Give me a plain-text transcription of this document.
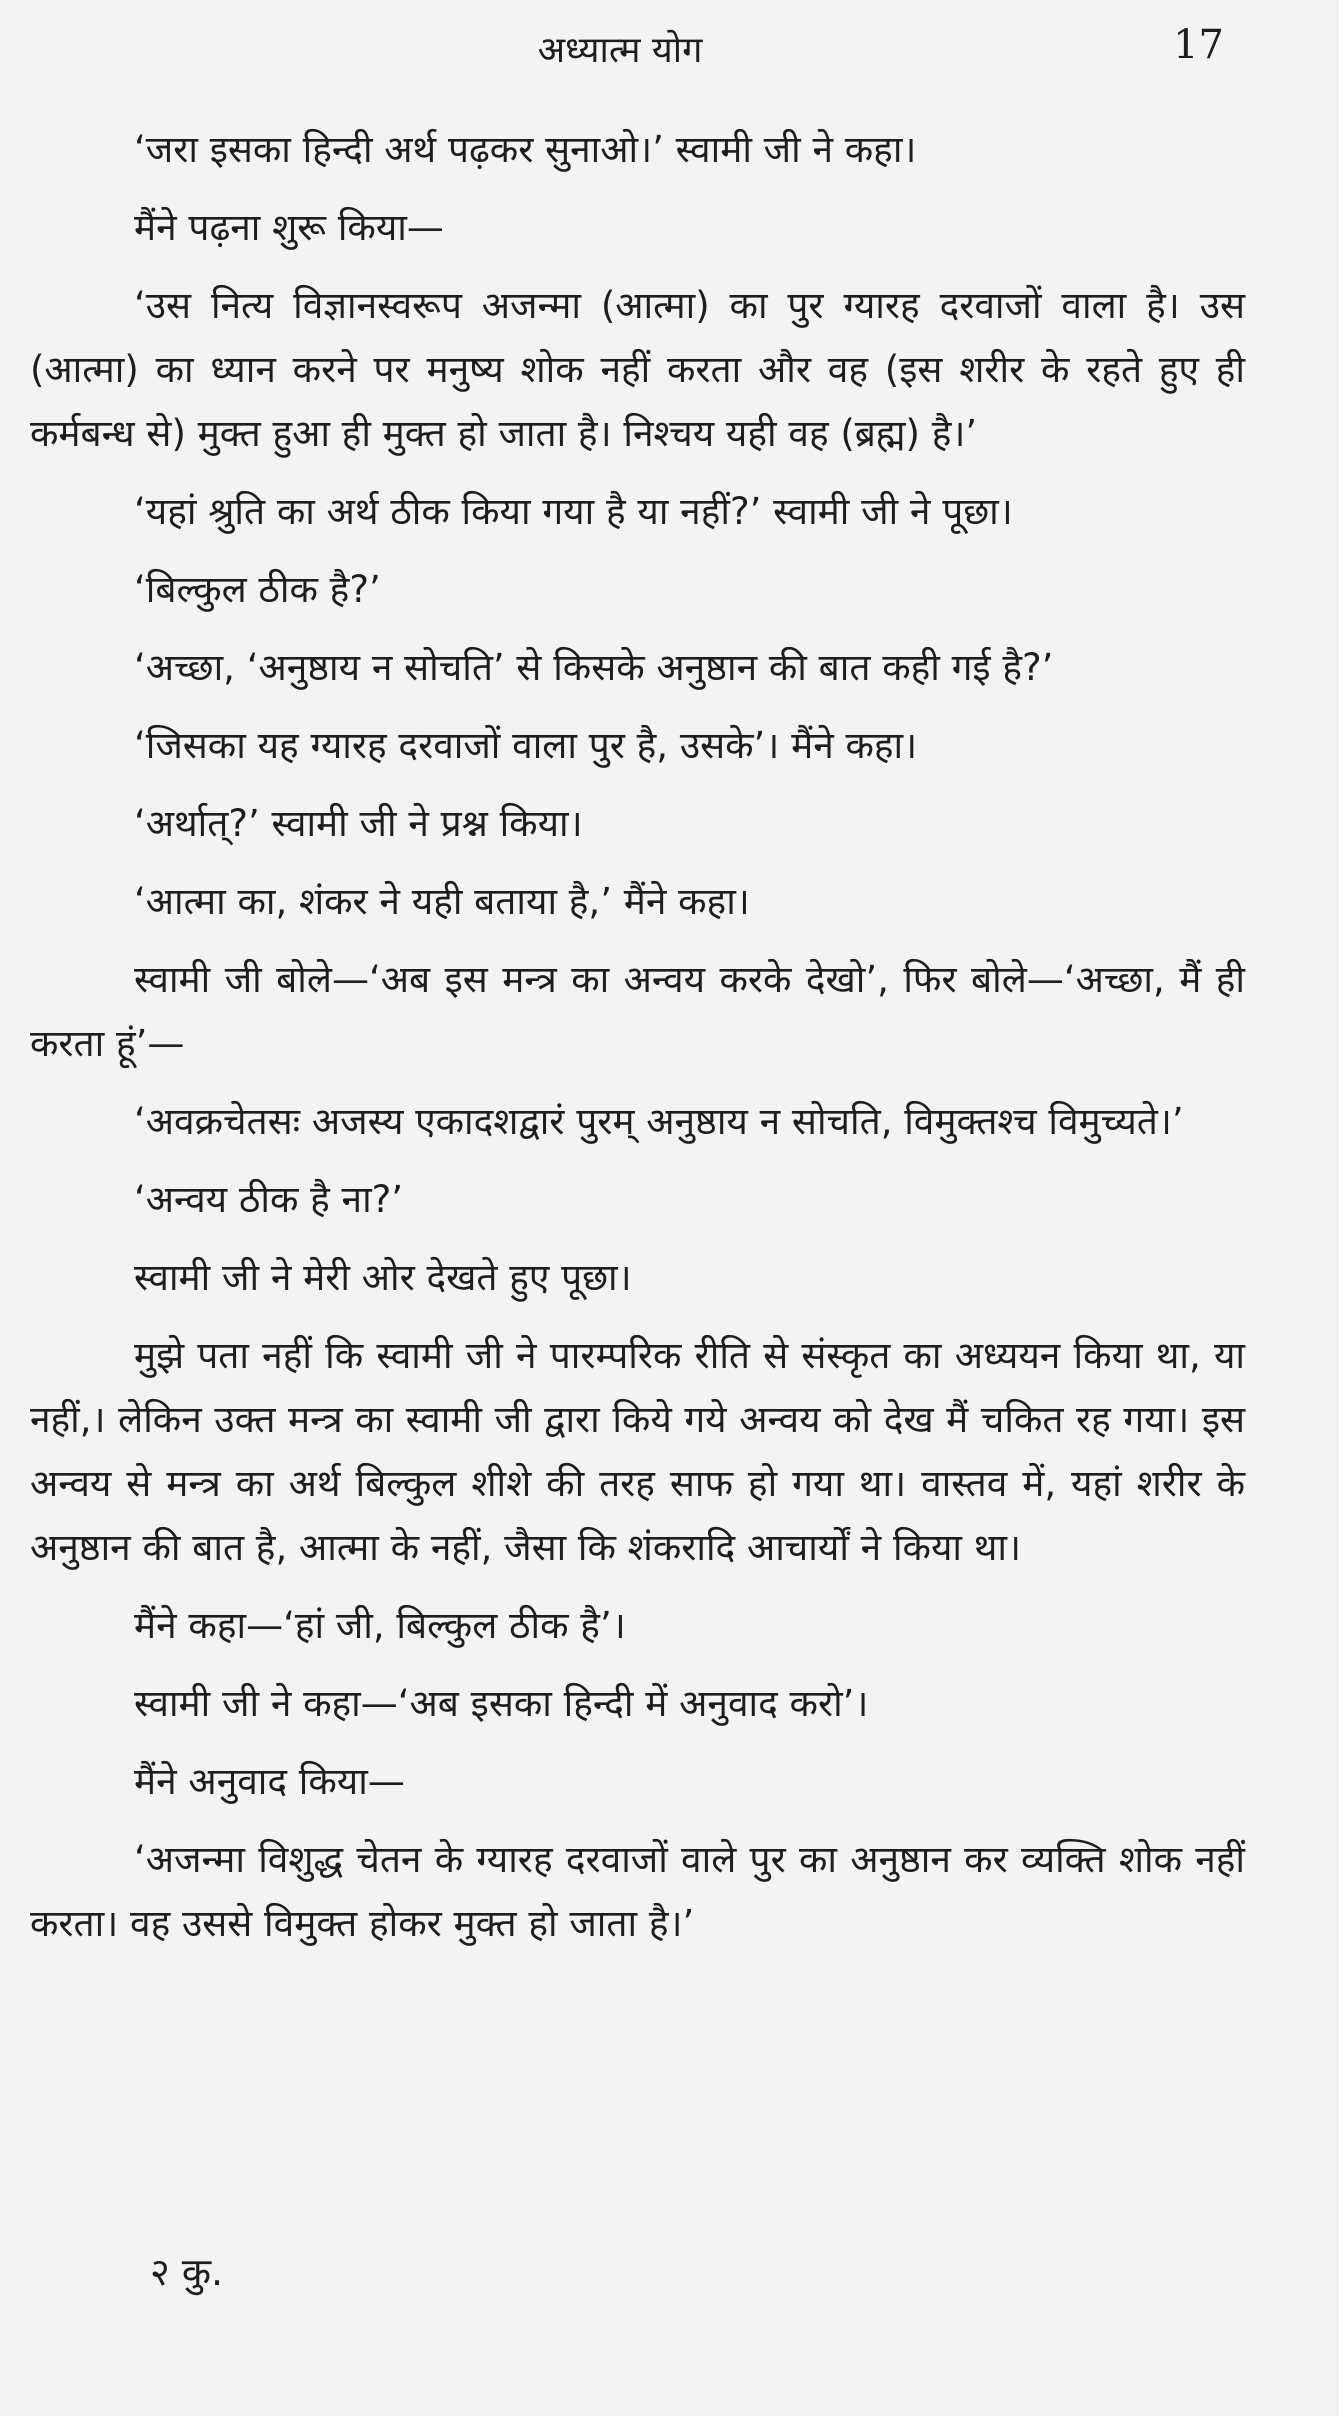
अध्यात्म योग	17

‘जरा इसका हिन्दी अर्थ पढ़कर सुनाओ।’ स्वामी जी ने कहा।

मैंने पढ़ना शुरू किया—

‘उस नित्य विज्ञानस्वरूप अजन्मा (आत्मा) का पुर ग्यारह दरवाजों वाला है। उस (आत्मा) का ध्यान करने पर मनुष्य शोक नहीं करता और वह (इस शरीर के रहते हुए ही कर्मबन्ध से) मुक्त हुआ ही मुक्त हो जाता है। निश्चय यही वह (ब्रह्म) है।’

‘यहां श्रुति का अर्थ ठीक किया गया है या नहीं?’ स्वामी जी ने पूछा।

‘बिल्कुल ठीक है?’

‘अच्छा, ‘अनुष्ठाय न सोचति’ से किसके अनुष्ठान की बात कही गई है?’

‘जिसका यह ग्यारह दरवाजों वाला पुर है, उसके’। मैंने कहा।

‘अर्थात्?’ स्वामी जी ने प्रश्न किया।

‘आत्मा का, शंकर ने यही बताया है,’ मैंने कहा।

स्वामी जी बोले—‘अब इस मन्त्र का अन्वय करके देखो’, फिर बोले—‘अच्छा, मैं ही करता हूं’—

‘अवक्रचेतसः अजस्य एकादशद्वारं पुरम् अनुष्ठाय न सोचति, विमुक्तश्च विमुच्यते।’

‘अन्वय ठीक है ना?’

स्वामी जी ने मेरी ओर देखते हुए पूछा।

मुझे पता नहीं कि स्वामी जी ने पारम्परिक रीति से संस्कृत का अध्ययन किया था, या नहीं,। लेकिन उक्त मन्त्र का स्वामी जी द्वारा किये गये अन्वय को देख मैं चकित रह गया। इस अन्वय से मन्त्र का अर्थ बिल्कुल शीशे की तरह साफ हो गया था। वास्तव में, यहां शरीर के अनुष्ठान की बात है, आत्मा के नहीं, जैसा कि शंकरादि आचार्यों ने किया था।

मैंने कहा—‘हां जी, बिल्कुल ठीक है’।

स्वामी जी ने कहा—‘अब इसका हिन्दी में अनुवाद करो’।

मैंने अनुवाद किया—

‘अजन्मा विशुद्ध चेतन के ग्यारह दरवाजों वाले पुर का अनुष्ठान कर व्यक्ति शोक नहीं करता। वह उससे विमुक्त होकर मुक्त हो जाता है।’

२ कु.
